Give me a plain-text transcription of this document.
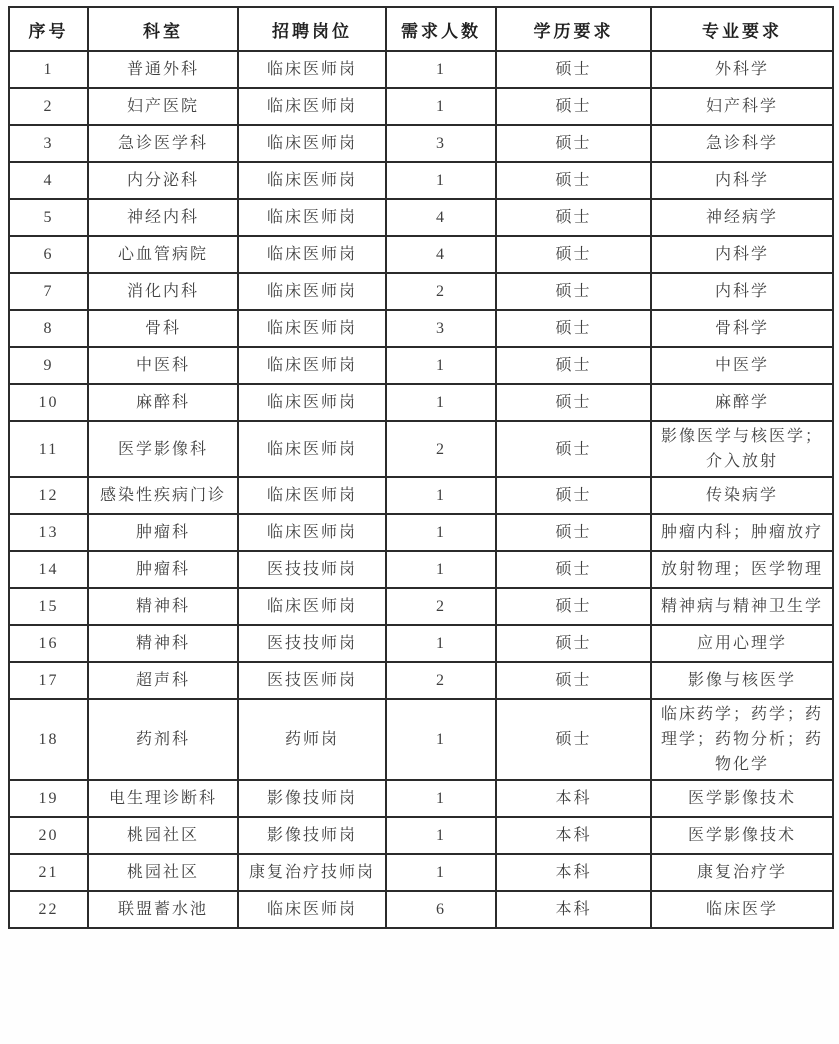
序号	科室	招聘岗位	需求人数	学历要求	专业要求
1	普通外科	临床医师岗	1	硕士	外科学
2	妇产医院	临床医师岗	1	硕士	妇产科学
3	急诊医学科	临床医师岗	3	硕士	急诊科学
4	内分泌科	临床医师岗	1	硕士	内科学
5	神经内科	临床医师岗	4	硕士	神经病学
6	心血管病院	临床医师岗	4	硕士	内科学
7	消化内科	临床医师岗	2	硕士	内科学
8	骨科	临床医师岗	3	硕士	骨科学
9	中医科	临床医师岗	1	硕士	中医学
10	麻醉科	临床医师岗	1	硕士	麻醉学
11	医学影像科	临床医师岗	2	硕士	影像医学与核医学；介入放射
12	感染性疾病门诊	临床医师岗	1	硕士	传染病学
13	肿瘤科	临床医师岗	1	硕士	肿瘤内科；肿瘤放疗
14	肿瘤科	医技技师岗	1	硕士	放射物理；医学物理
15	精神科	临床医师岗	2	硕士	精神病与精神卫生学
16	精神科	医技技师岗	1	硕士	应用心理学
17	超声科	医技医师岗	2	硕士	影像与核医学
18	药剂科	药师岗	1	硕士	临床药学；药学；药理学；药物分析；药物化学
19	电生理诊断科	影像技师岗	1	本科	医学影像技术
20	桃园社区	影像技师岗	1	本科	医学影像技术
21	桃园社区	康复治疗技师岗	1	本科	康复治疗学
22	联盟蓄水池	临床医师岗	6	本科	临床医学
